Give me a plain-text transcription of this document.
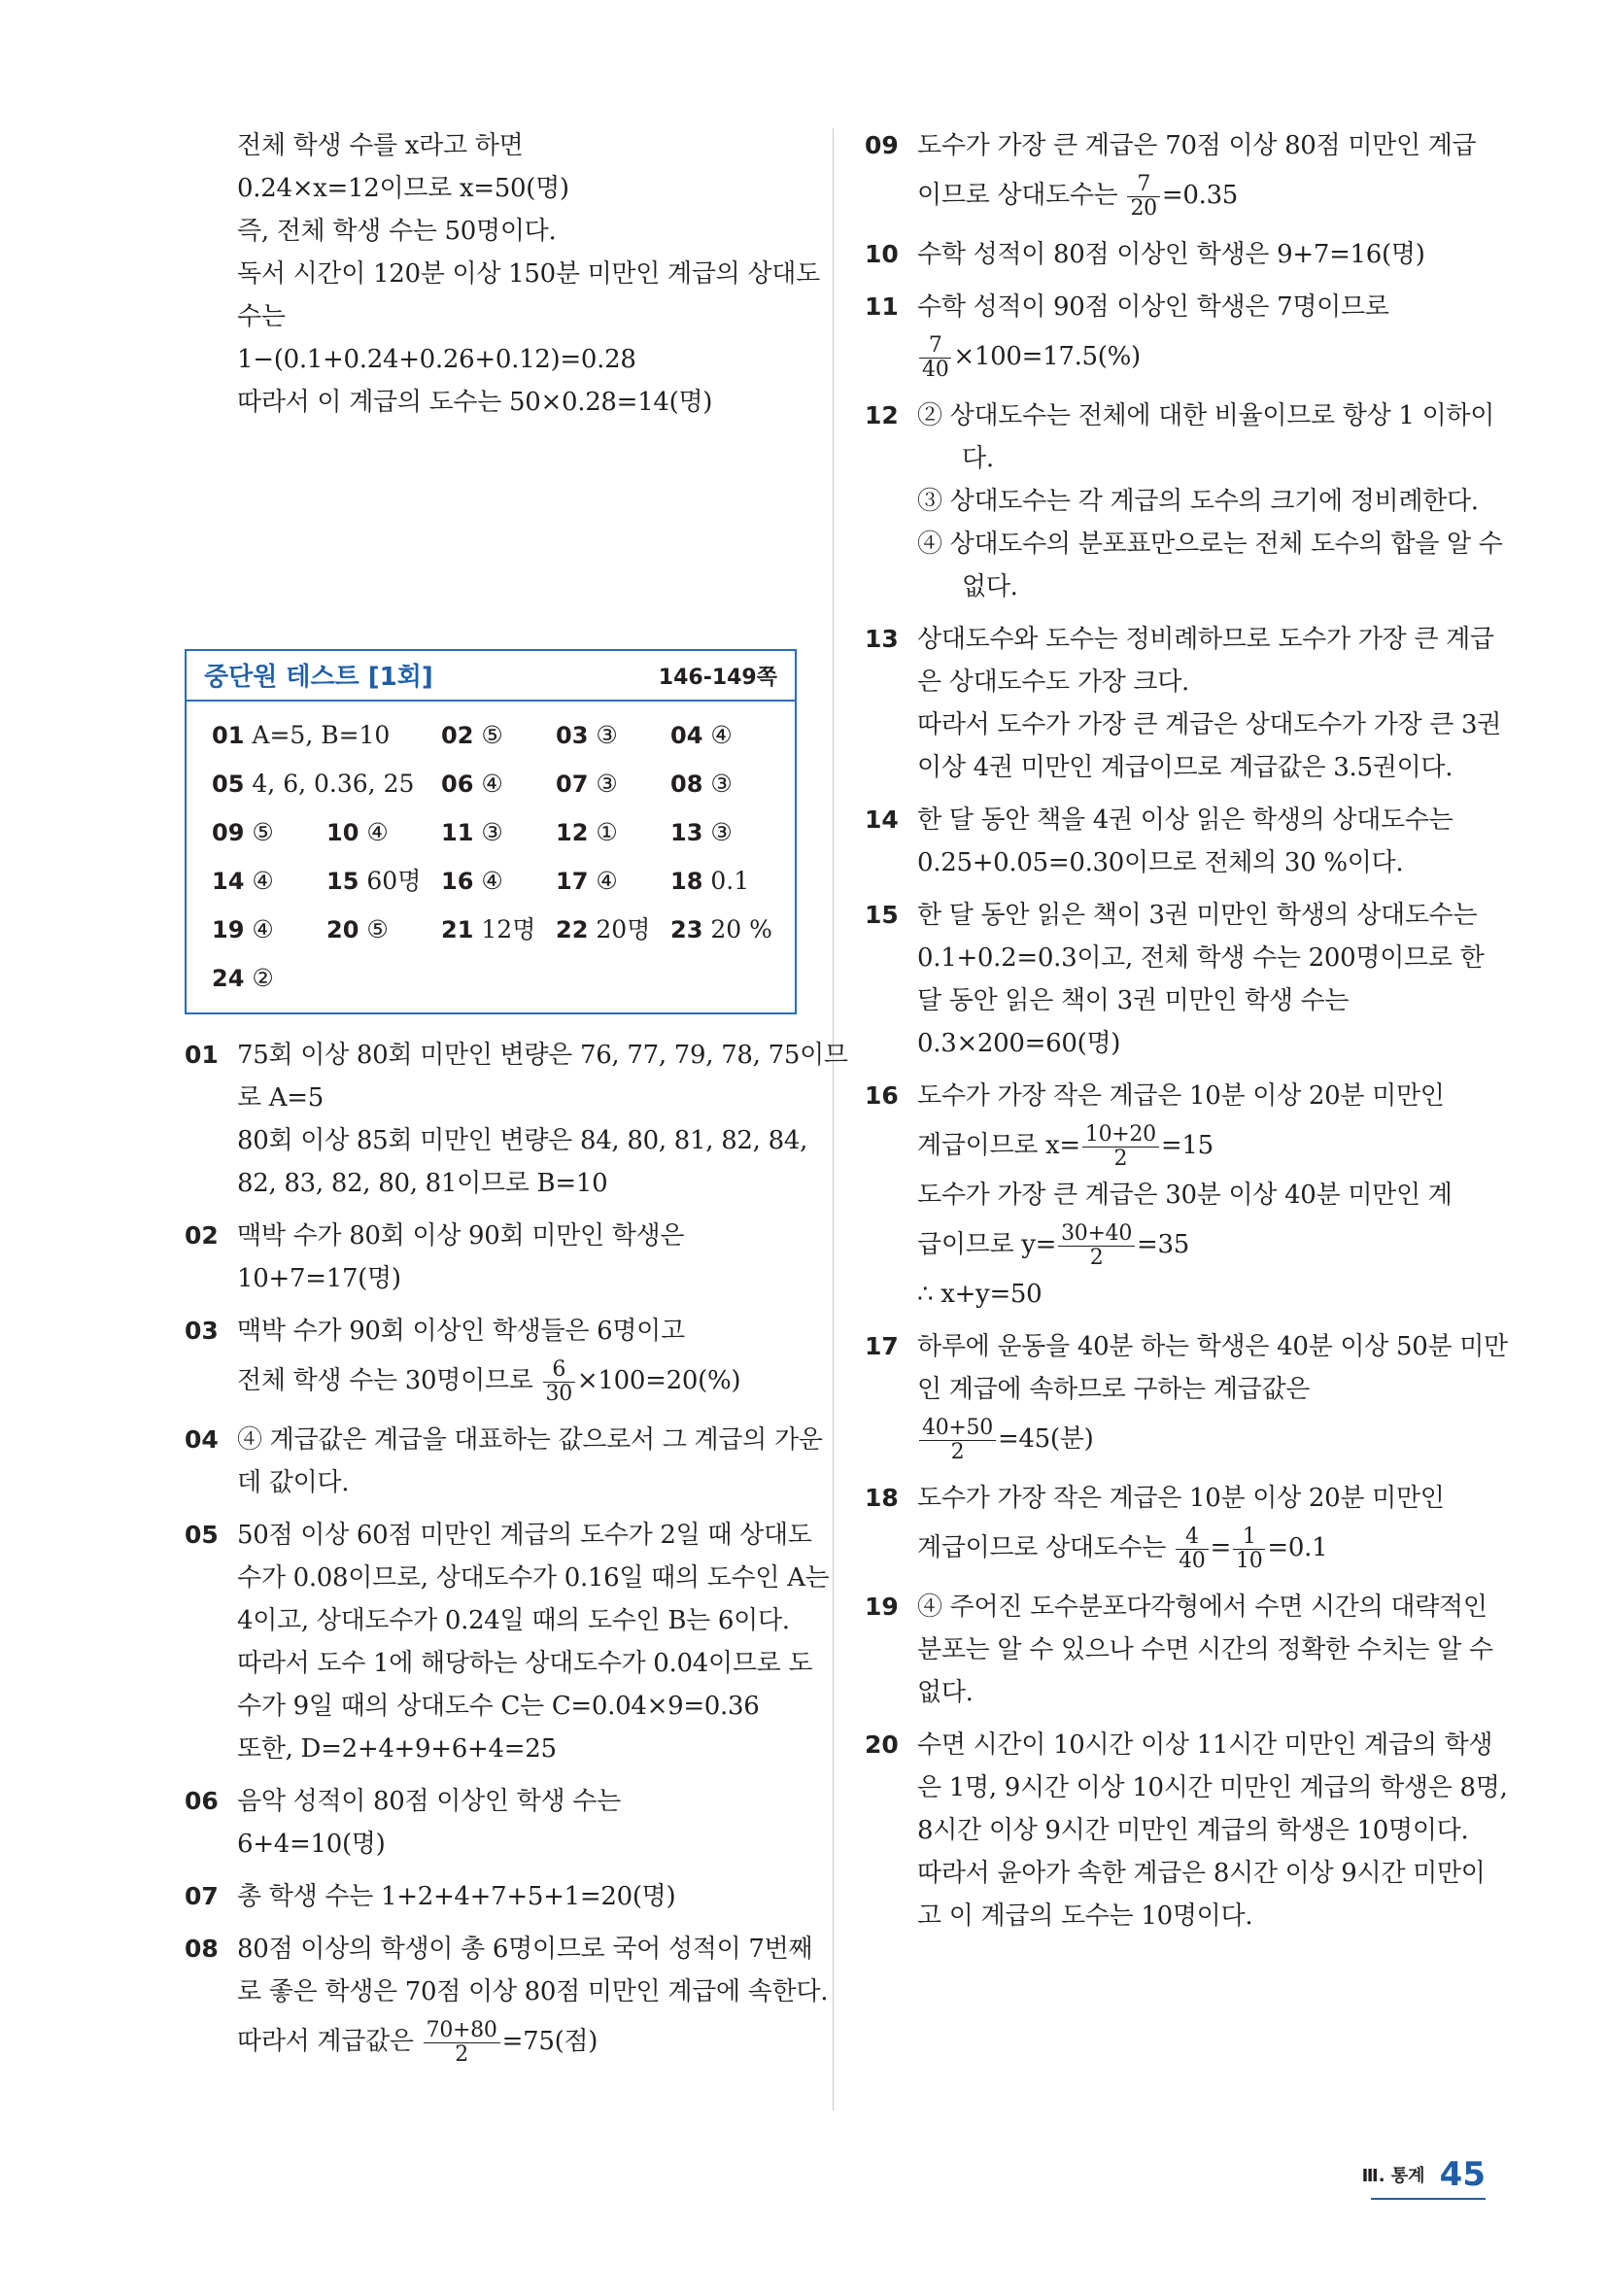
전체 학생 수를 x라고 하면
0.24×x=12이므로 x=50(명)
즉, 전체 학생 수는 50명이다.
독서 시간이 120분 이상 150분 미만인 계급의 상대도
수는
1−(0.1+0.24+0.26+0.12)=0.28
따라서 이 계급의 도수는 50×0.28=14(명)
중단원 테스트 [1회]	146-149쪽
01 A=5, B=10 02 ⑤ 03 ③ 04 ④
05 4, 6, 0.36, 25 06 ④ 07 ③ 08 ③
09 ⑤ 10 ④ 11 ③ 12 ① 13 ③
14 ④ 15 60명 16 ④ 17 ④ 18 0.1
19 ④ 20 ⑤ 21 12명 22 20명 23 20 %
24 ②
01 75회 이상 80회 미만인 변량은 76, 77, 79, 78, 75이므
로 A=5
80회 이상 85회 미만인 변량은 84, 80, 81, 82, 84,
82, 83, 82, 80, 81이므로 B=10
02 맥박 수가 80회 이상 90회 미만인 학생은
10+7=17(명)
03 맥박 수가 90회 이상인 학생들은 6명이고
전체 학생 수는 30명이므로 $\frac{6}{30} \times 100=20(\%)$
04 ④ 계급값은 계급을 대표하는 값으로서 그 계급의 가운
데 값이다.
05 50점 이상 60점 미만인 계급의 도수가 2일 때 상대도
수가 0.08이므로, 상대도수가 0.16일 때의 도수인 A는
4이고, 상대도수가 0.24일 때의 도수인 B는 6이다.
따라서 도수 1에 해당하는 상대도수가 0.04이므로 도
수가 9일 때의 상대도수 C는 C=0.04×9=0.36
또한, D=2+4+9+6+4=25
06 음악 성적이 80점 이상인 학생 수는
6+4=10(명)
07 총 학생 수는 1+2+4+7+5+1=20(명)
08 80점 이상의 학생이 총 6명이므로 국어 성적이 7번째
로 좋은 학생은 70점 이상 80점 미만인 계급에 속한다.
따라서 계급값은 $\frac{70+80}{2} =75$(점)
09 도수가 가장 큰 계급은 70점 이상 80점 미만인 계급
이므로 상대도수는 $\frac{7}{20} =0.35$
10 수학 성적이 80점 이상인 학생은 9+7=16(명)
11 수학 성적이 90점 이상인 학생은 7명이므로
$\frac{7}{40} \times 100=17.5(\%)$
12 ② 상대도수는 전체에 대한 비율이므로 항상 1 이하이
다.
③ 상대도수는 각 계급의 도수의 크기에 정비례한다.
④ 상대도수의 분포표만으로는 전체 도수의 합을 알 수
없다.
13 상대도수와 도수는 정비례하므로 도수가 가장 큰 계급
은 상대도수도 가장 크다.
따라서 도수가 가장 큰 계급은 상대도수가 가장 큰 3권
이상 4권 미만인 계급이므로 계급값은 3.5권이다.
14 한 달 동안 책을 4권 이상 읽은 학생의 상대도수는
0.25+0.05=0.30이므로 전체의 30 %이다.
15 한 달 동안 읽은 책이 3권 미만인 학생의 상대도수는
0.1+0.2=0.3이고, 전체 학생 수는 200명이므로 한
달 동안 읽은 책이 3권 미만인 학생 수는
0.3×200=60(명)
16 도수가 가장 작은 계급은 10분 이상 20분 미만인
계급이므로 $x= \frac{10+20}{2} =15$
도수가 가장 큰 계급은 30분 이상 40분 미만인 계
급이므로 $y= \frac{30+40}{2} =35$
∴ x+y=50
17 하루에 운동을 40분 하는 학생은 40분 이상 50분 미만
인 계급에 속하므로 구하는 계급값은
$\frac{40+50}{2} =45$(분)
18 도수가 가장 작은 계급은 10분 이상 20분 미만인
계급이므로 상대도수는 $\frac{4}{40} = \frac{1}{10} =0.1$
19 ④ 주어진 도수분포다각형에서 수면 시간의 대략적인
분포는 알 수 있으나 수면 시간의 정확한 수치는 알 수
없다.
20 수면 시간이 10시간 이상 11시간 미만인 계급의 학생
은 1명, 9시간 이상 10시간 미만인 계급의 학생은 8명,
8시간 이상 9시간 미만인 계급의 학생은 10명이다.
따라서 윤아가 속한 계급은 8시간 이상 9시간 미만이
고 이 계급의 도수는 10명이다.
Ⅲ. 통계 45
